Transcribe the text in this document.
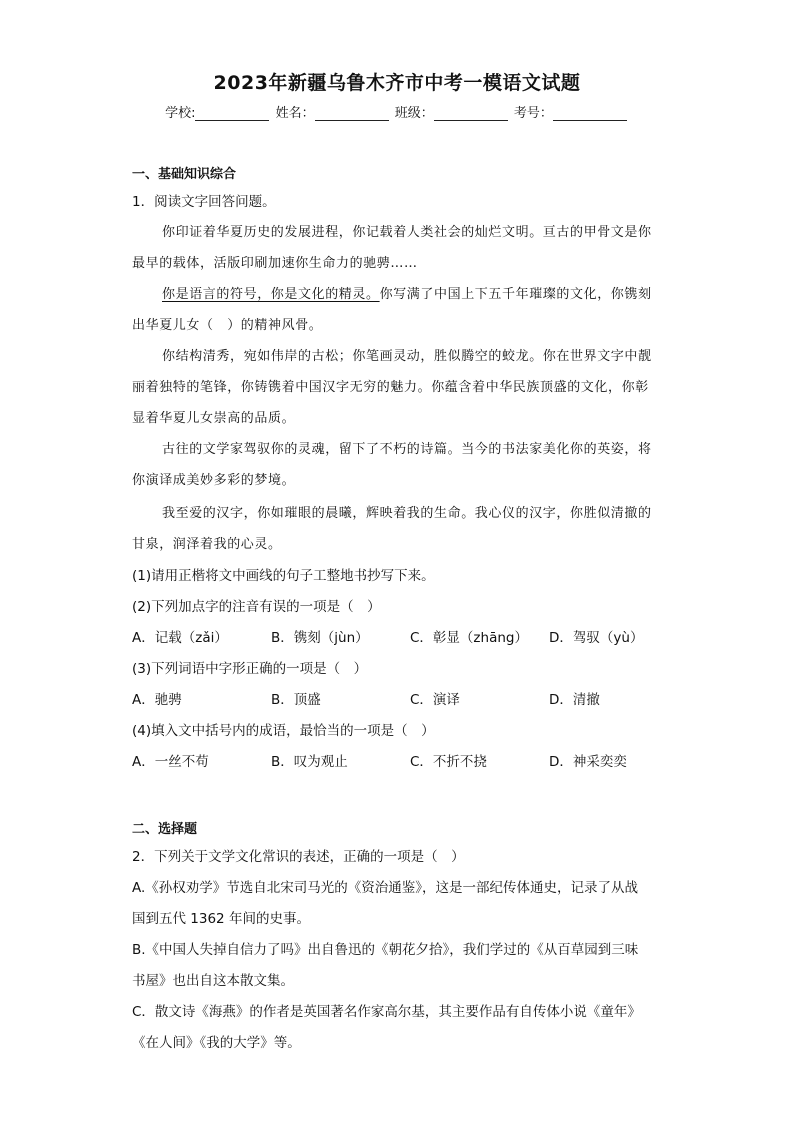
2023年新疆乌鲁木齐市中考一模语文试题
学校:	姓名：	班级：	考号：
一、基础知识综合
1．阅读文字回答问题。
你印证着华夏历史的发展进程，你记载着人类社会的灿烂文明。亘古的甲骨文是你
最早的载体，活版印刷加速你生命力的驰骋……
你是语言的符号，你是文化的精灵。你写满了中国上下五千年璀璨的文化，你镌刻
出华夏儿女（　）的精神风骨。
你结构清秀，宛如伟岸的古松；你笔画灵动，胜似腾空的蛟龙。你在世界文字中靓
丽着独特的笔锋，你铸镌着中国汉字无穷的魅力。你蕴含着中华民族顶盛的文化，你彰
显着华夏儿女崇高的品质。
古往的文学家驾驭你的灵魂，留下了不朽的诗篇。当今的书法家美化你的英姿，将
你演译成美妙多彩的梦境。
我至爱的汉字，你如璀眼的晨曦，辉映着我的生命。我心仪的汉字，你胜似清撤的
甘泉，润泽着我的心灵。
(1)请用正楷将文中画线的句子工整地书抄写下来。
(2)下列加点字的注音有误的一项是（　）
A．记载（zǎi）	B．镌刻（jùn）	C．彰显（zhāng） D．驾驭（yù）
(3)下列词语中字形正确的一项是（　）
A．驰骋	B．顶盛	C．演译	D．清撤
(4)填入文中括号内的成语，最恰当的一项是（　）
A．一丝不苟	B．叹为观止	C．不折不挠	D．神采奕奕
二、选择题
2．下列关于文学文化常识的表述，正确的一项是（　）
A.《孙权劝学》节选自北宋司马光的《资治通鉴》，这是一部纪传体通史，记录了从战
国到五代 1362 年间的史事。
B.《中国人失掉自信力了吗》出自鲁迅的《朝花夕拾》，我们学过的《从百草园到三味
书屋》也出自这本散文集。
C．散文诗《海燕》的作者是英国著名作家高尔基，其主要作品有自传体小说《童年》
《在人间》《我的大学》等。
